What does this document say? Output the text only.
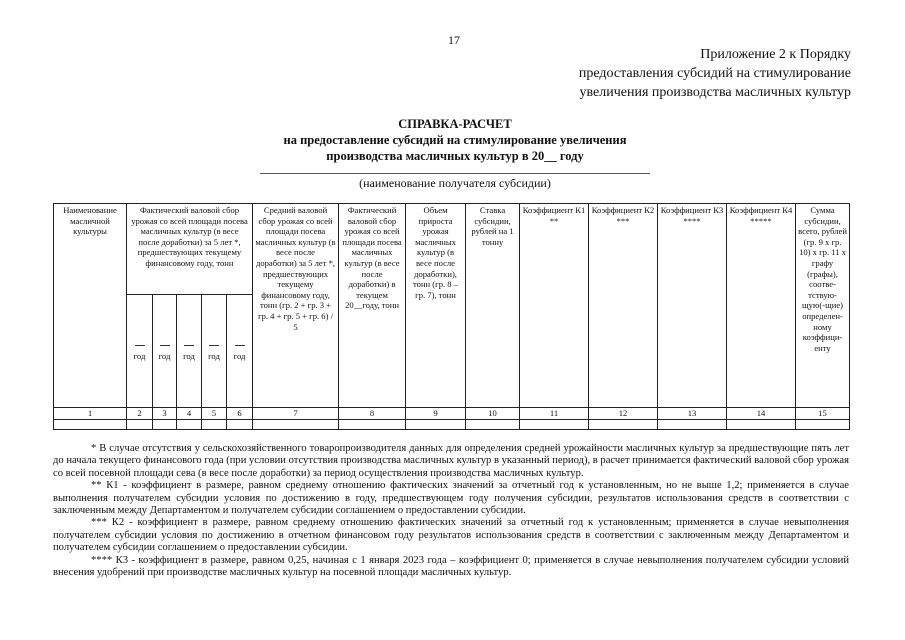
17
Приложение 2 к Порядку
предоставления субсидий на стимулирование
увеличения производства масличных культур
СПРАВКА-РАСЧЕТ
на предоставление субсидий на стимулирование увеличения
производства масличных культур в 20__ году
(наименование получателя субсидии)
Наименование масличной культуры	Фактический валовой сбор урожая со всей площади посева масличных культур (в весе после доработки) за 5 лет *, предшествующих текущему финансовому году, тонн					Средний валовой сбор урожая со всей площади посева масличных культур (в весе после доработки) за 5 лет *, предшествующих текущему финансовому году, тонн (гр. 2 + гр. 3 + гр. 4 + гр. 5 + гр. 6) / 5	Фактический валовой сбор урожая со всей площади посева масличных культур (в весе после доработки) в текущем 20__году, тонн	Объем прироста урожая масличных культур (в весе после доработки), тонн (гр. 8 – гр. 7), тонн	Ставка субсидии, рублей на 1 тонну	Коэффициент К1 **	Коэффициент К2 ***	Коэффициент К3 ****	Коэффициент К4 *****	Сумма субсидии, всего, рублей (гр. 9 x гр. 10) x гр. 11 x графу (графы), соотве-тствую-щую(-щие) определен-ному коэффици-енту

год	год	год	год	год									
1	2	3	4	5	6	7	8	9	10	11	12	13	14	15

* В случае отсутствия у сельскохозяйственного товаропроизводителя данных для определения средней урожайности масличных культур за предшествующие пять лет до начала текущего финансового года (при условии отсутствия производства масличных культур в указанный период), в расчет принимается фактический валовой сбор урожая со всей посевной площади сева (в весе после доработки) за период осуществления производства масличных культур.

** К1 - коэффициент в размере, равном среднему отношению фактических значений за отчетный год к установленным, но не выше 1,2; применяется в случае выполнения получателем субсидии условия по достижению в году, предшествующем году получения субсидии, результатов использования средств в соответствии с заключенным между Департаментом и получателем субсидии соглашением о предоставлении субсидии.

*** К2 - коэффициент в размере, равном среднему отношению фактических значений за отчетный год к установленным; применяется в случае невыполнения получателем субсидии условия по достижению в отчетном финансовом году результатов использования средств в соответствии с заключенным между Департаментом и получателем субсидии соглашением о предоставлении субсидии.

**** К3 - коэффициент в размере, равном 0,25, начиная с 1 января 2023 года – коэффициент 0; применяется в случае невыполнения получателем субсидии условий внесения удобрений при производстве масличных культур на посевной площади масличных культур.
